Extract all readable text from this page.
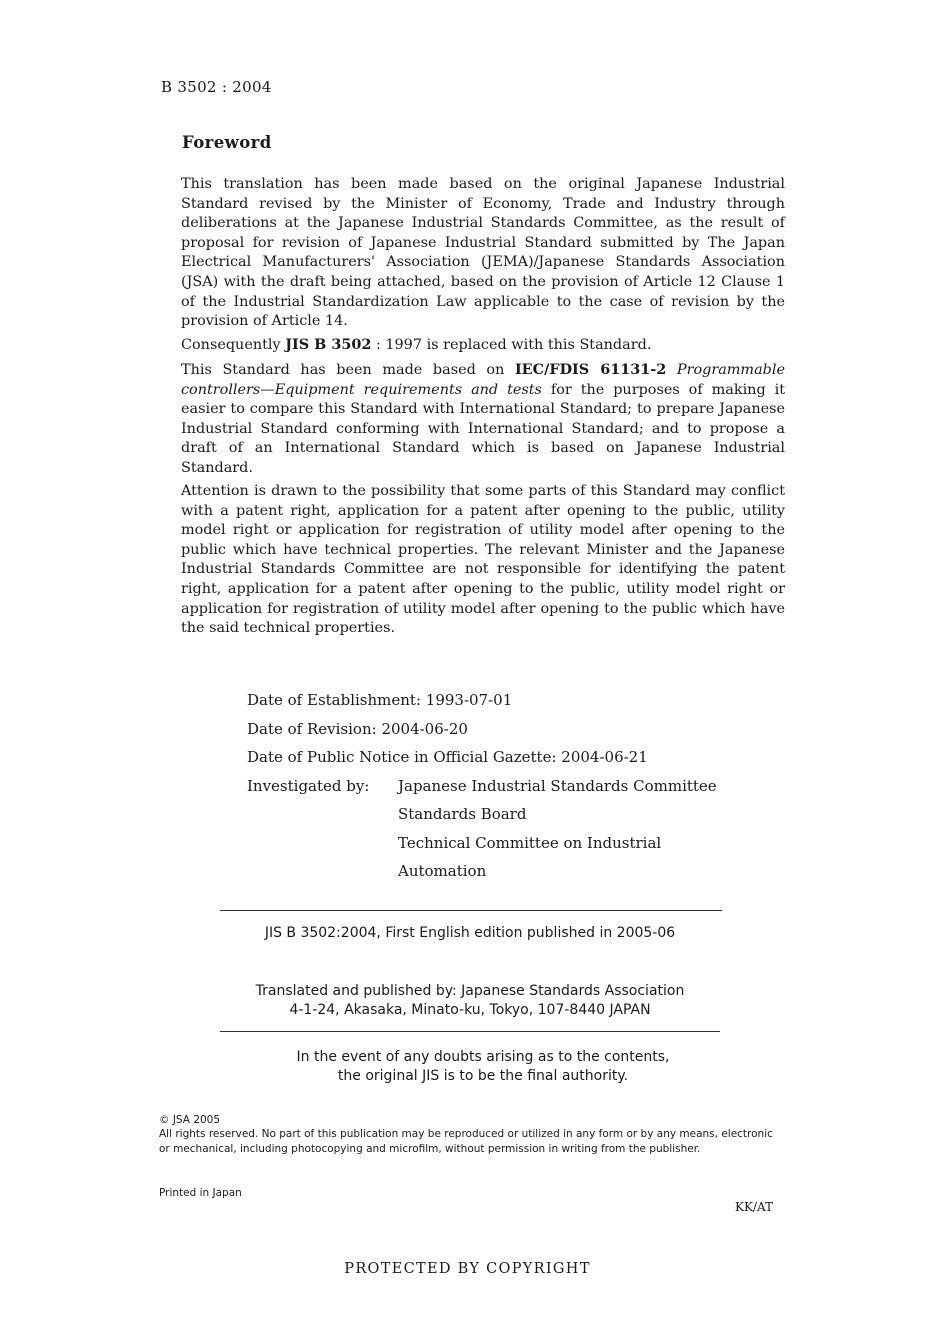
B 3502 : 2004
Foreword
This translation has been made based on the original Japanese Industrial Standard revised by the Minister of Economy, Trade and Industry through deliberations at the Japanese Industrial Standards Committee, as the result of proposal for revision of Japanese Industrial Standard submitted by The Japan Electrical Manufacturers' Association (JEMA)/Japanese Standards Association (JSA) with the draft being attached, based on the provision of Article 12 Clause 1 of the Industrial Standardization Law applicable to the case of revision by the provision of Article 14.
Consequently JIS B 3502 : 1997 is replaced with this Standard.
This Standard has been made based on IEC/FDIS 61131-2 Programmable controllers—Equipment requirements and tests for the purposes of making it easier to compare this Standard with International Standard; to prepare Japanese Industrial Standard conforming with International Standard; and to propose a draft of an International Standard which is based on Japanese Industrial Standard.
Attention is drawn to the possibility that some parts of this Standard may conflict with a patent right, application for a patent after opening to the public, utility model right or application for registration of utility model after opening to the public which have technical properties. The relevant Minister and the Japanese Industrial Standards Committee are not responsible for identifying the patent right, application for a patent after opening to the public, utility model right or application for registration of utility model after opening to the public which have the said technical properties.
Date of Establishment: 1993-07-01
Date of Revision: 2004-06-20
Date of Public Notice in Official Gazette: 2004-06-21
Investigated by: Japanese Industrial Standards Committee
Standards Board
Technical Committee on Industrial
Automation
JIS B 3502:2004, First English edition published in 2005-06
Translated and published by: Japanese Standards Association
4-1-24, Akasaka, Minato-ku, Tokyo, 107-8440 JAPAN
In the event of any doubts arising as to the contents,
the original JIS is to be the final authority.
© JSA 2005
All rights reserved. No part of this publication may be reproduced or utilized in any form or by any means, electronic or mechanical, including photocopying and microfilm, without permission in writing from the publisher.
Printed in Japan
KK/AT
PROTECTED BY COPYRIGHT
